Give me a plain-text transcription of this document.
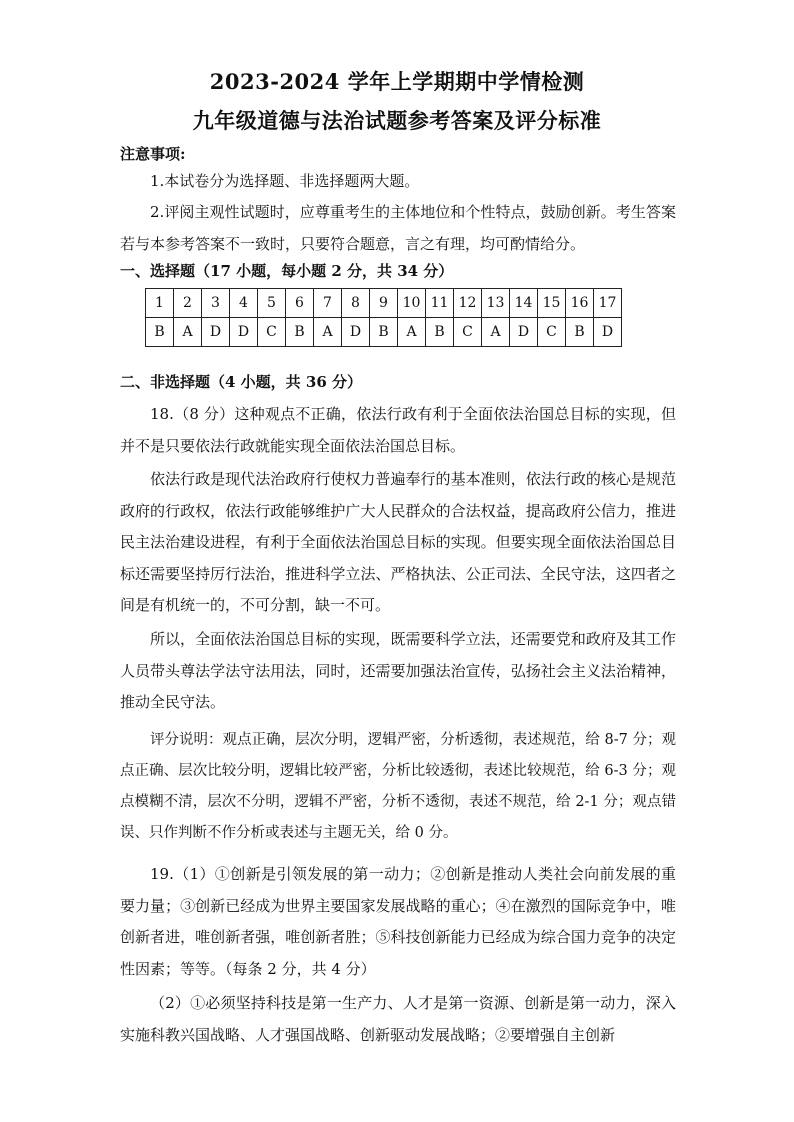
2023-2024 学年上学期期中学情检测
九年级道德与法治试题参考答案及评分标准
注意事项:

1.本试卷分为选择题、非选择题两大题。

2.评阅主观性试题时，应尊重考生的主体地位和个性特点，鼓励创新。考生答案若与本参考答案不一致时，只要符合题意，言之有理，均可酌情给分。

一、选择题（17 小题，每小题 2 分，共 34 分）
1	2	3	4	5	6	7	8	9	10	11	12	13	14	15	16	17
B	A	D	D	C	B	A	D	B	A	B	C	A	D	C	B	D
二、非选择题（4 小题，共 36 分）

18.（8 分）这种观点不正确，依法行政有利于全面依法治国总目标的实现，但并不是只要依法行政就能实现全面依法治国总目标。

依法行政是现代法治政府行使权力普遍奉行的基本准则，依法行政的核心是规范政府的行政权，依法行政能够维护广大人民群众的合法权益，提高政府公信力，推进民主法治建设进程，有利于全面依法治国总目标的实现。但要实现全面依法治国总目标还需要坚持厉行法治，推进科学立法、严格执法、公正司法、全民守法，这四者之间是有机统一的，不可分割，缺一不可。

所以，全面依法治国总目标的实现，既需要科学立法，还需要党和政府及其工作人员带头尊法学法守法用法，同时，还需要加强法治宣传，弘扬社会主义法治精神，推动全民守法。

评分说明：观点正确，层次分明，逻辑严密，分析透彻，表述规范，给 8-7 分；观点正确、层次比较分明，逻辑比较严密，分析比较透彻，表述比较规范，给 6-3 分；观点模糊不清，层次不分明，逻辑不严密，分析不透彻，表述不规范，给 2-1 分；观点错误、只作判断不作分析或表述与主题无关，给 0 分。

19.（1）①创新是引领发展的第一动力；②创新是推动人类社会向前发展的重要力量；③创新已经成为世界主要国家发展战略的重心；④在激烈的国际竞争中，唯创新者进，唯创新者强，唯创新者胜；⑤科技创新能力已经成为综合国力竞争的决定性因素；等等。（每条 2 分，共 4 分）

（2）①必须坚持科技是第一生产力、人才是第一资源、创新是第一动力，深入实施科教兴国战略、人才强国战略、创新驱动发展战略；②要增强自主创新
